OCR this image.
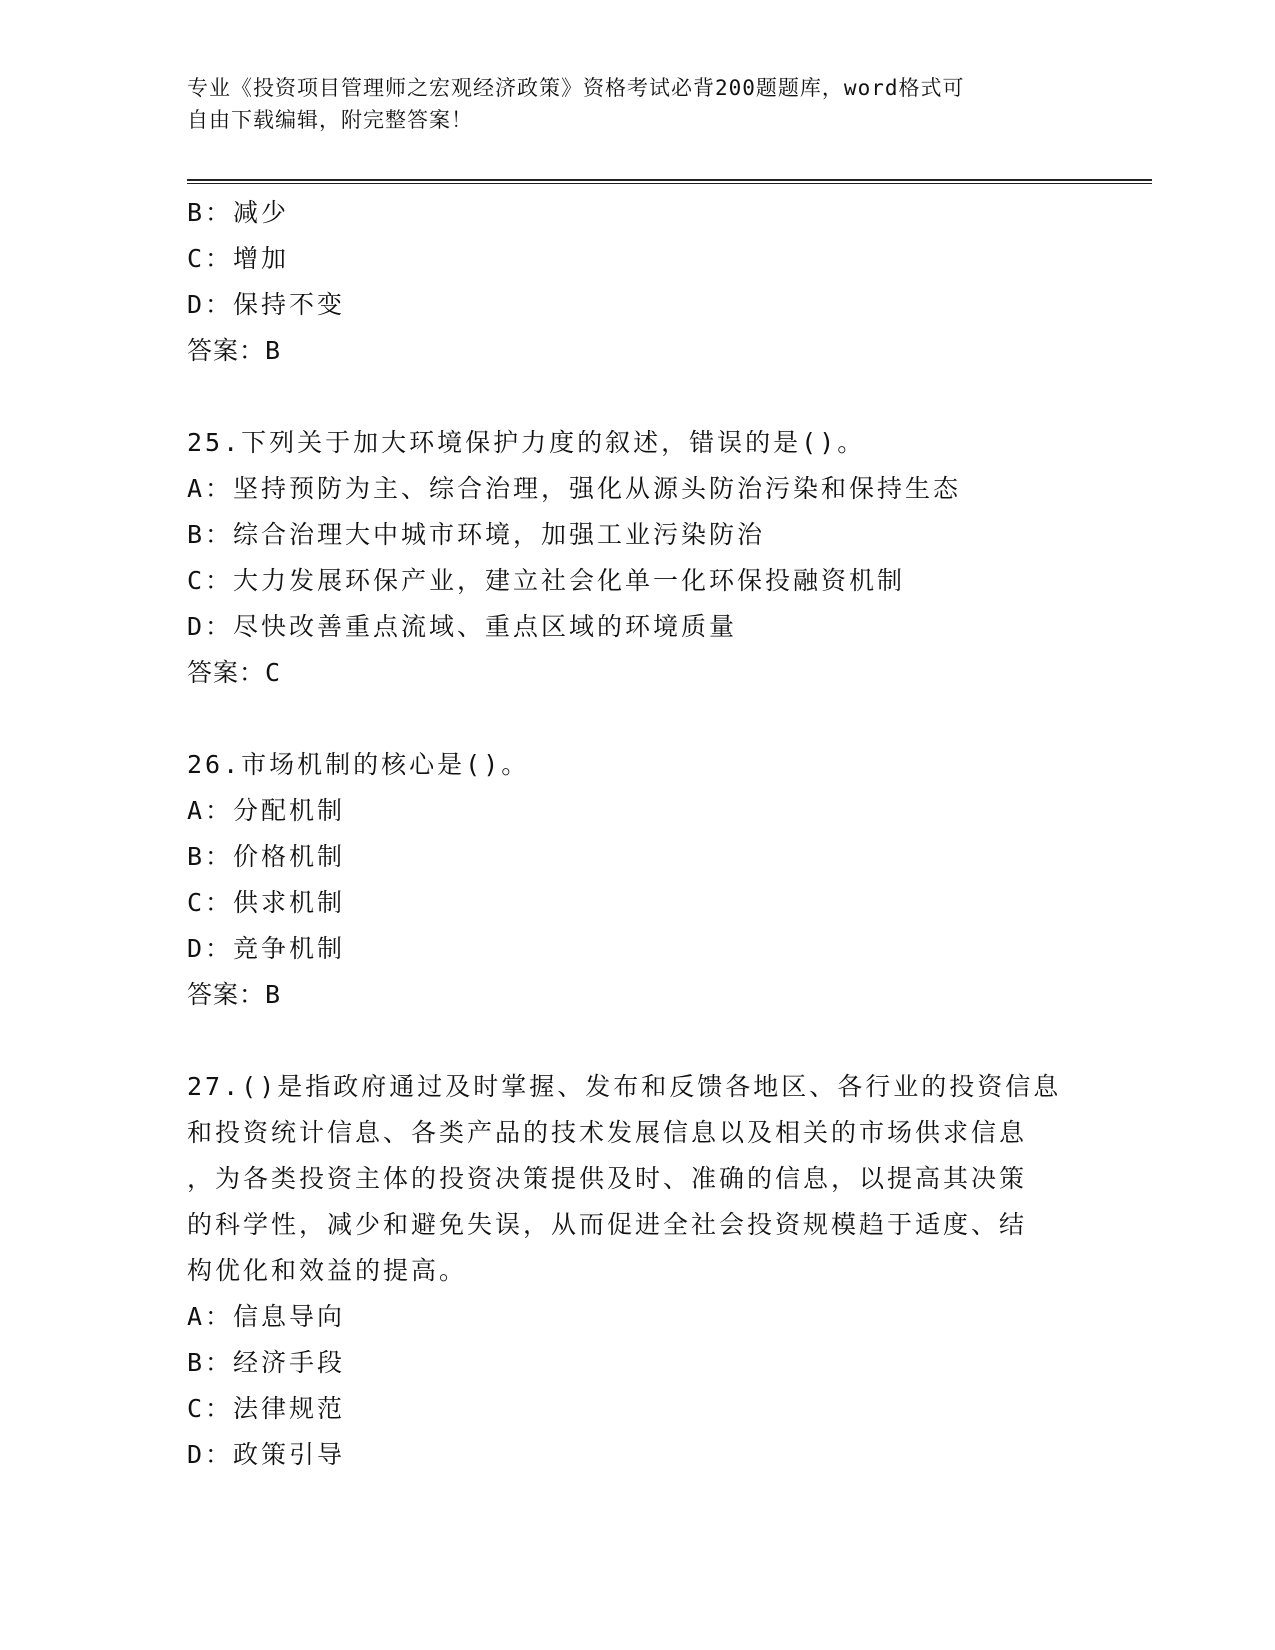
专业《投资项目管理师之宏观经济政策》资格考试必背200题题库，word格式可
自由下载编辑，附完整答案！
B：减少
C：增加
D：保持不变
答案：B
25.下列关于加大环境保护力度的叙述，错误的是()。
A：坚持预防为主、综合治理，强化从源头防治污染和保持生态
B：综合治理大中城市环境，加强工业污染防治
C：大力发展环保产业，建立社会化单一化环保投融资机制
D：尽快改善重点流域、重点区域的环境质量
答案：C
26.市场机制的核心是()。
A：分配机制
B：价格机制
C：供求机制
D：竞争机制
答案：B
27.()是指政府通过及时掌握、发布和反馈各地区、各行业的投资信息
和投资统计信息、各类产品的技术发展信息以及相关的市场供求信息
，为各类投资主体的投资决策提供及时、准确的信息，以提高其决策
的科学性，减少和避免失误，从而促进全社会投资规模趋于适度、结
构优化和效益的提高。
A：信息导向
B：经济手段
C：法律规范
D：政策引导
